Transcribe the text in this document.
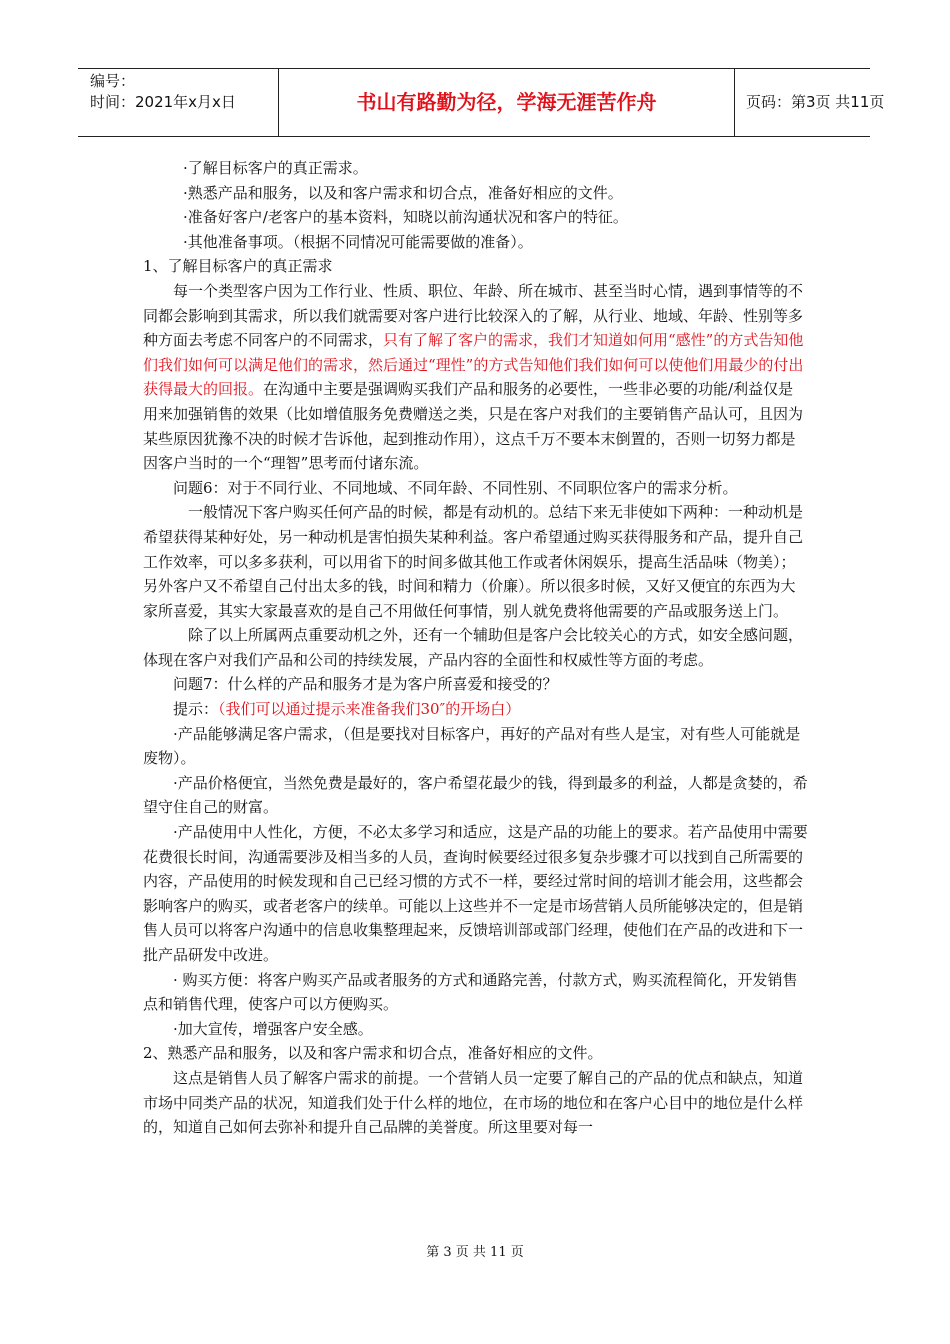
编号：
时间：2021年x月x日	书山有路勤为径，学海无涯苦作舟	页码：第3页 共11页

·了解目标客户的真正需求。

·熟悉产品和服务，以及和客户需求和切合点，准备好相应的文件。

·准备好客户/老客户的基本资料，知晓以前沟通状况和客户的特征。

·其他准备事项。（根据不同情况可能需要做的准备）。

1、了解目标客户的真正需求

每一个类型客户因为工作行业、性质、职位、年龄、所在城市、甚至当时心情，遇到事情等的不同都会影响到其需求，所以我们就需要对客户进行比较深入的了解，从行业、地域、年龄、性别等多种方面去考虑不同客户的不同需求，只有了解了客户的需求，我们才知道如何用“感性”的方式告知他们我们如何可以满足他们的需求，然后通过“理性”的方式告知他们我们如何可以使他们用最少的付出获得最大的回报。在沟通中主要是强调购买我们产品和服务的必要性，一些非必要的功能/利益仅是用来加强销售的效果（比如增值服务免费赠送之类，只是在客户对我们的主要销售产品认可，且因为某些原因犹豫不决的时候才告诉他，起到推动作用），这点千万不要本末倒置的，否则一切努力都是因客户当时的一个“理智”思考而付诸东流。

问题6：对于不同行业、不同地域、不同年龄、不同性别、不同职位客户的需求分析。

一般情况下客户购买任何产品的时候，都是有动机的。总结下来无非使如下两种：一种动机是希望获得某种好处，另一种动机是害怕损失某种利益。客户希望通过购买获得服务和产品，提升自己工作效率，可以多多获利，可以用省下的时间多做其他工作或者休闲娱乐，提高生活品味（物美）；另外客户又不希望自己付出太多的钱，时间和精力（价廉）。所以很多时候，又好又便宜的东西为大家所喜爱，其实大家最喜欢的是自己不用做任何事情，别人就免费将他需要的产品或服务送上门。

除了以上所属两点重要动机之外，还有一个辅助但是客户会比较关心的方式，如安全感问题，体现在客户对我们产品和公司的持续发展，产品内容的全面性和权威性等方面的考虑。

问题7：什么样的产品和服务才是为客户所喜爱和接受的？

提示：（我们可以通过提示来准备我们30″的开场白）

·产品能够满足客户需求，（但是要找对目标客户，再好的产品对有些人是宝，对有些人可能就是废物）。

·产品价格便宜，当然免费是最好的，客户希望花最少的钱，得到最多的利益，人都是贪婪的，希望守住自己的财富。

·产品使用中人性化，方便，不必太多学习和适应，这是产品的功能上的要求。若产品使用中需要花费很长时间，沟通需要涉及相当多的人员，查询时候要经过很多复杂步骤才可以找到自己所需要的内容，产品使用的时候发现和自己已经习惯的方式不一样，要经过常时间的培训才能会用，这些都会影响客户的购买，或者老客户的续单。可能以上这些并不一定是市场营销人员所能够决定的，但是销售人员可以将客户沟通中的信息收集整理起来，反馈培训部或部门经理，使他们在产品的改进和下一批产品研发中改进。

· 购买方便：将客户购买产品或者服务的方式和通路完善，付款方式，购买流程简化，开发销售点和销售代理，使客户可以方便购买。

·加大宣传，增强客户安全感。

2、熟悉产品和服务，以及和客户需求和切合点，准备好相应的文件。

这点是销售人员了解客户需求的前提。一个营销人员一定要了解自己的产品的优点和缺点，知道市场中同类产品的状况，知道我们处于什么样的地位，在市场的地位和在客户心目中的地位是什么样的，知道自己如何去弥补和提升自己品牌的美誉度。所这里要对每一

第 3 页 共 11 页
